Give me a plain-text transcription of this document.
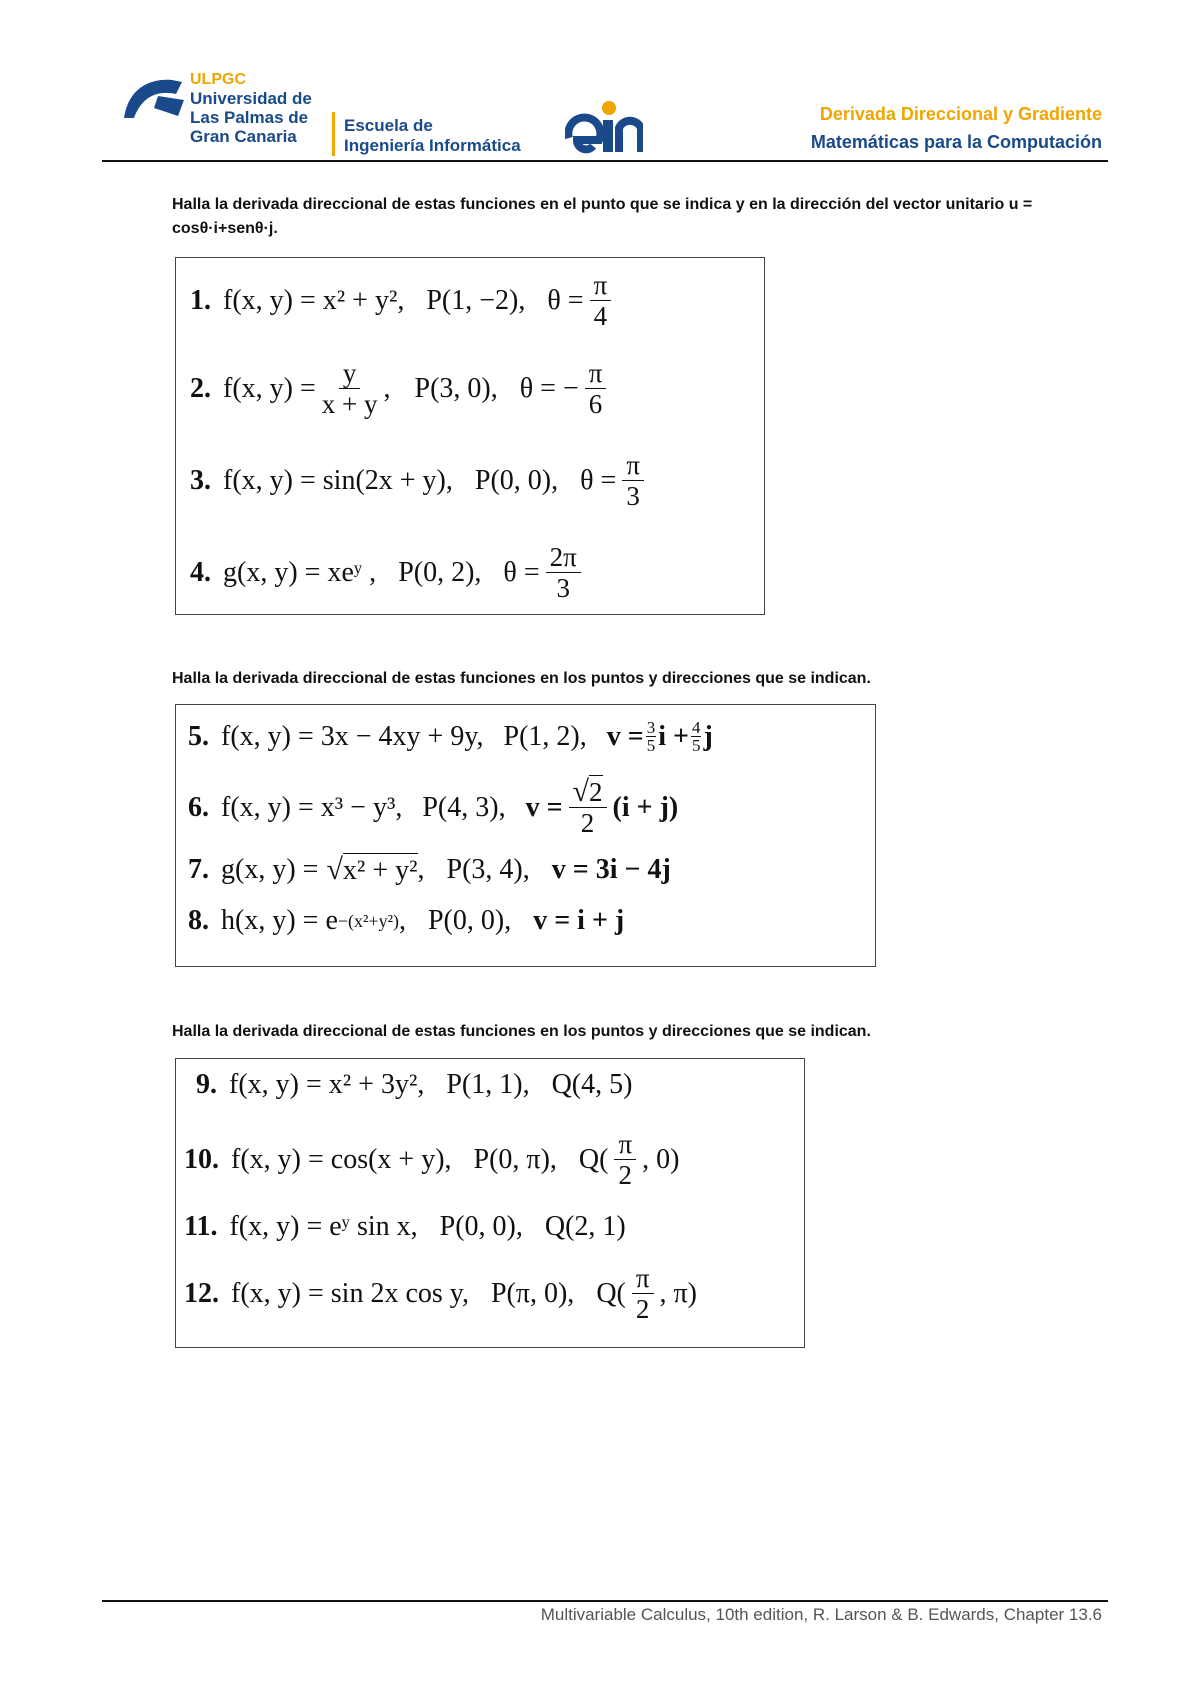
ULPGC
Universidad de
Las Palmas de
Gran Canaria
Escuela de
Ingeniería Informática
Derivada Direccional y Gradiente
Matemáticas para la Computación
Halla la derivada direccional de estas funciones en el punto que se indica y en la dirección del vector unitario u = cosθ·i+senθ·j.
1. f(x, y) = x² + y², P(1, −2), $\theta = \frac{\pi}{4}$
2. f(x, $y) = \frac{y}{x + y}$ , P(3, 0), θ = − $\frac{\pi}{6}$
3. f(x, y) = sin(2x + y), P(0, 0), $\theta = \frac{\pi}{3}$
4. g(x, y) = xeʸ , P(0, 2), $\theta = \frac{2\pi}{3}$
Halla la derivada direccional de estas funciones en los puntos y direcciones que se indican.
5. f(x, y) = 3x − 4xy + 9y, P(1, 2), $v = \frac{3}{5}$ $i + \frac{4}{5}$ j
6. f(x, y) = x³ − y³, P(4, 3), $v = \frac{√2}{2} (i + j)$
7. g(x, y) = √ x² + y² , P(3, 4), v = 3i − 4j
8. h(x, y) = e −(x²+y²) , P(0, 0), v = i + j
Halla la derivada direccional de estas funciones en los puntos y direcciones que se indican.
9. f(x, y) = x² + 3y², P(1, 1), Q(4, 5)
10. f(x, y) = cos(x + y), P(0, π), $Q( \frac{\pi}{2}$ , 0)
11. f(x, y) = eʸ sin x, P(0, 0), Q(2, 1)
12. f(x, y) = sin 2x cos y, P(π, 0), $Q( \frac{\pi}{2}$ , π)
Multivariable Calculus, 10th edition, R. Larson & B. Edwards, Chapter 13.6
